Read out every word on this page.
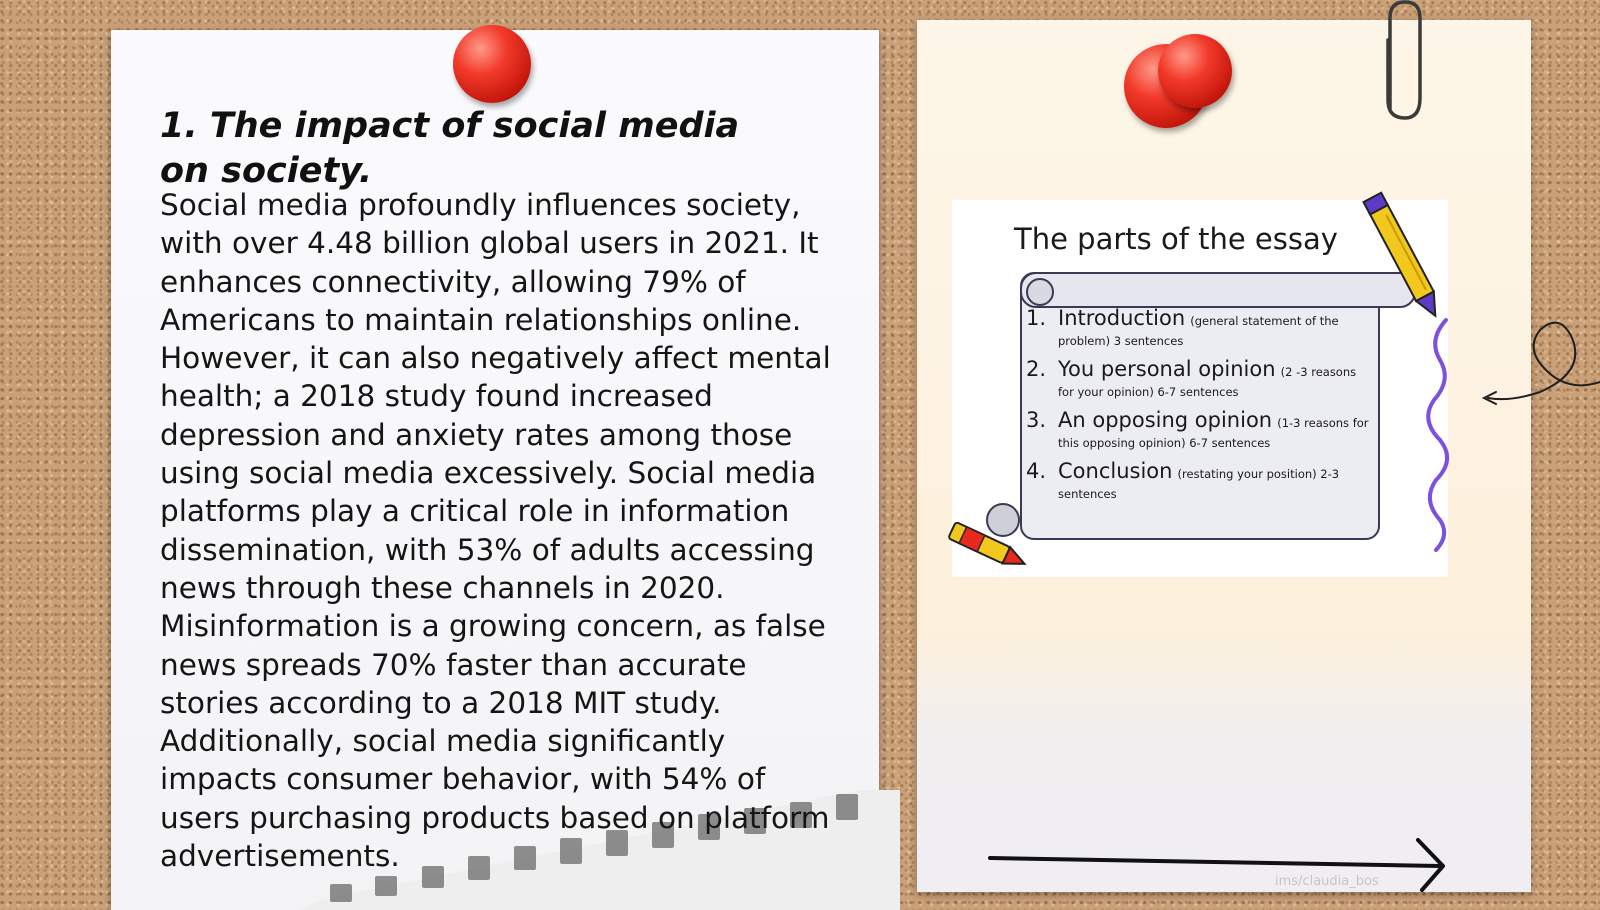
1. The impact of social media on society.

Social media profoundly influences society, with over 4.48 billion global users in 2021. It enhances connectivity, allowing 79% of Americans to maintain relationships online. However, it can also negatively affect mental health; a 2018 study found increased depression and anxiety rates among those using social media excessively. Social media platforms play a critical role in information dissemination, with 53% of adults accessing news through these channels in 2020. Misinformation is a growing concern, as false news spreads 70% faster than accurate stories according to a 2018 MIT study. Additionally, social media significantly impacts consumer behavior, with 54% of users purchasing products based on platform advertisements.

The parts of the essay
1. Introduction (general statement of the problem) 3 sentences
2. You personal opinion (2 -3 reasons for your opinion) 6-7 sentences
3. An opposing opinion (1-3 reasons for this opposing opinion) 6-7 sentences
4. Conclusion (restating your position) 2-3 sentences
ims/claudia_bos
